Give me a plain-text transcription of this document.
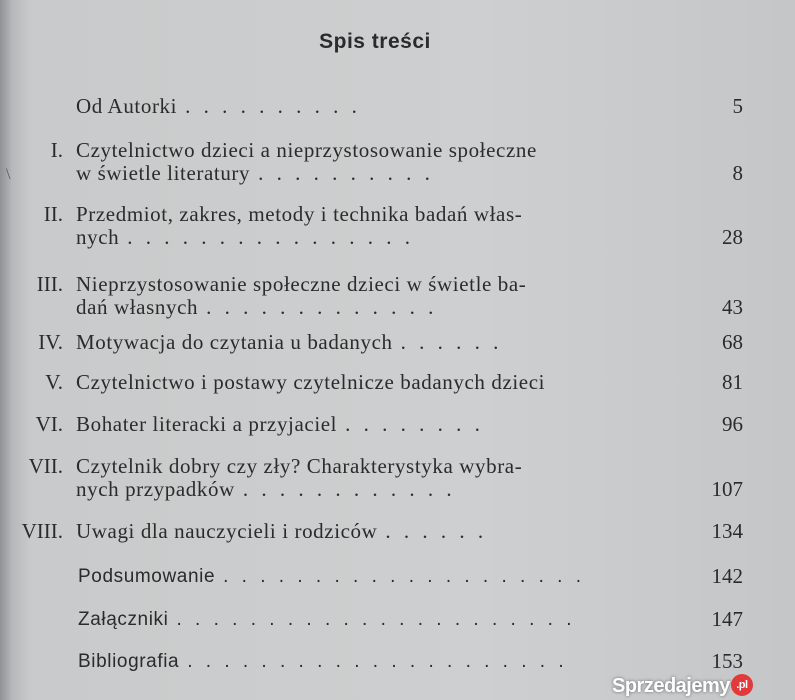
Spis treści
\
Od Autorki . . . . . . . . . .	5
I. Czytelnictwo dzieci a nieprzystosowanie społeczne
w świetle literatury . . . . . . . . . .	8
II. Przedmiot, zakres, metody i technika badań włas-
nych . . . . . . . . . . . . . . . .	28
III. Nieprzystosowanie społeczne dzieci w świetle ba-
dań własnych . . . . . . . . . . . . .	43
IV. Motywacja do czytania u badanych . . . . . .	68
V. Czytelnictwo i postawy czytelnicze badanych dzieci	81
VI. Bohater literacki a przyjaciel . . . . . . . .	96
VII. Czytelnik dobry czy zły? Charakterystyka wybra-
nych przypadków . . . . . . . . . . . .	107
VIII. Uwagi dla nauczycieli i rodziców . . . . . .	134
Podsumowanie . . . . . . . . . . . . . . . . . . . .	142
Załączniki . . . . . . . . . . . . . . . . . . . . . .	147
Bibliografia . . . . . . . . . . . . . . . . . . . . .	153
Sprzedajemy .pl
